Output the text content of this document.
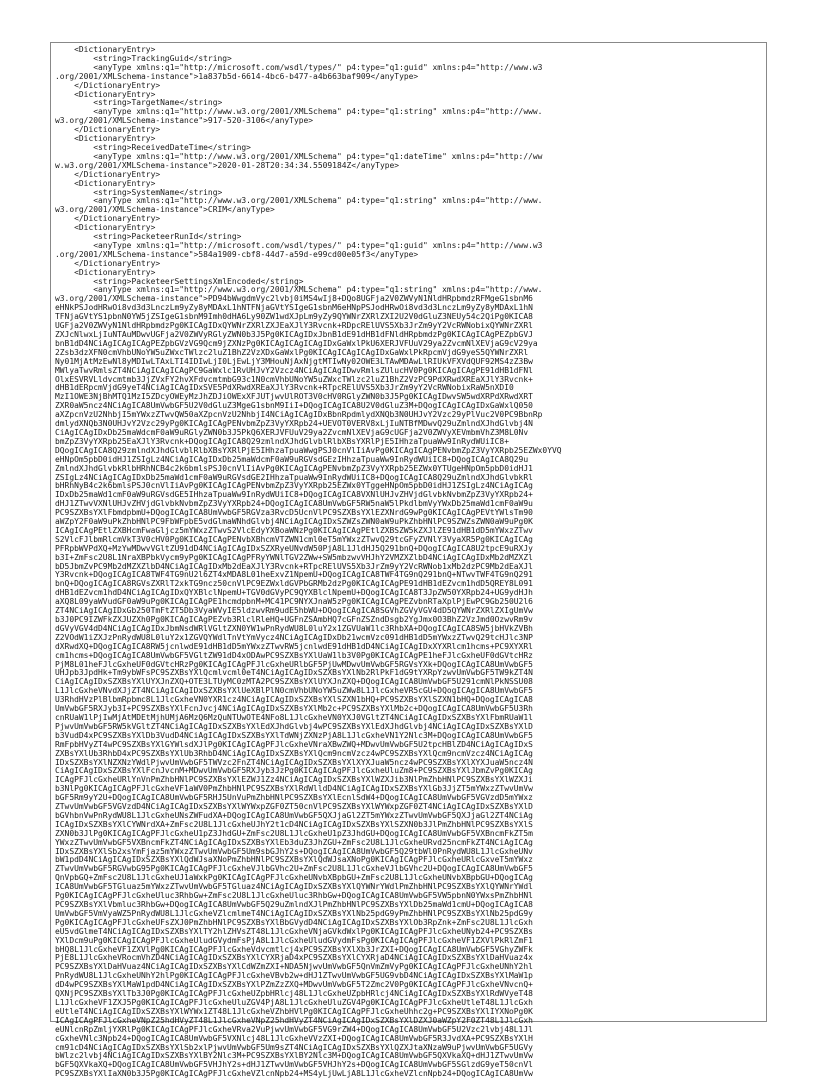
<DictionaryEntry>
<string>TrackingGuid</string>
<anyType xmlns:q1="http://microsoft.com/wsdl/types/" p4:type="q1:guid" xmlns:p4="http://www.w3
.org/2001/XMLSchema-instance">1a837b5d-6614-4bc6-b477-a4b663baf909</anyType>
</DictionaryEntry>
<DictionaryEntry>
<string>TargetName</string>
<anyType xmlns:q1="http://www.w3.org/2001/XMLSchema" p4:type="q1:string" xmlns:p4="http://www.
w3.org/2001/XMLSchema-instance">917-520-3106</anyType>
</DictionaryEntry>
<DictionaryEntry>
<string>ReceivedDateTime</string>
<anyType xmlns:q1="http://www.w3.org/2001/XMLSchema" p4:type="q1:dateTime" xmlns:p4="http://ww
w.w3.org/2001/XMLSchema-instance">2020-01-28T20:34:34.5509184Z</anyType>
</DictionaryEntry>
<DictionaryEntry>
<string>SystemName</string>
<anyType xmlns:q1="http://www.w3.org/2001/XMLSchema" p4:type="q1:string" xmlns:p4="http://www.
w3.org/2001/XMLSchema-instance">CRIM</anyType>
</DictionaryEntry>
<DictionaryEntry>
<string>PacketeerRunId</string>
<anyType xmlns:q1="http://microsoft.com/wsdl/types/" p4:type="q1:guid" xmlns:p4="http://www.w3
.org/2001/XMLSchema-instance">584a1909-cbf8-44d7-a59d-e99cd00e05f3</anyType>
</DictionaryEntry>
<DictionaryEntry>
<string>PacketeerSettingsXmlEncoded</string>
<anyType xmlns:q1="http://www.w3.org/2001/XMLSchema" p4:type="q1:string" xmlns:p4="http://www.
w3.org/2001/XMLSchema-instance">PD94bWwgdmVyc2lvbj0iMS4wIj8+DQo8UGFja2V0ZWVyN1NldHRpbmdzRFMgeG1sbnM6
eHNkPSJodHRwOi8vd3d3LnczLm9yZy8yMDAxL1hNTFNjaGVtYSIgeG1sbnM6eHNpPSJodHRwOi8vd3d3LnczLm9yZy8yMDAxL1hN
TFNjaGVtYS1pbnN0YW5jZSIgeG1sbnM9Imh0dHA6Ly90ZW1wdXJpLm9yZy9QYWNrZXRlZXI2U2V0dGluZ3NEUy54c2QiPg0KICA8
UGFja2V0ZWVyN1NldHRpbmdzPg0KICAgIDxQYWNrZXRlZXJEaXJlY3Rvcnk+RDpcRElUVS5Xb3JrZm9yY2VcRWNobixQYWNrZXRl
ZXJcNlwxLjIuNTAuMDwvUGFja2V0ZWVyRGlyZWN0b3J5Pg0KICAgIDxJbnB1dE91dHB1dFNldHRpbmdzPg0KICAgICAgPEZpbGVJ
bnB1dD4NCiAgICAgICAgPEZpbGVzVG9Qcm9jZXNzPg0KICAgICAgICAgIDxGaWxlPkU6XERJVFUuV29ya2ZvcmNlXEVjaG9cV29ya
2Zsb3dzXFN0cmVhbUNoYW5uZWxcTWlzc2luZ1BhZ2VzXDxGaWxlPg0KICAgICAgICAgIDxGaWxlPkRpcmVjdG9yeS5QYWNrZXRl
Ny01MjAtMzEwNl8yMDIwLTAxLTI4IDIwLjI0LjEwLjY3MHouNjAxNjgtMTIwNy02OWE3LTAwMDAwLlRIUkVFXVdQUF92MS4zZ3Bw
MWlyaTwvRmlsZT4NCiAgICAgICAgPC9GaWxlc1RvUHJvY2Vzcz4NCiAgICAgIDwvRmlsZUlucHV0Pg0KICAgICAgPE91dHB1dFNl
OlxESVRVLldvcmtmb3JjZVxFY2hvXFdvcmtmbG93c1N0cmVhbUNoYW5uZWxcTWlzc2luZ1BhZ2VzPC9PdXRwdXREaXJlY3Rvcnk+
dHB1dERpcmVjdG9yeT4NCiAgICAgIDxSVE5PdXRwdXREaXJlY3Rvcnk+RTpcRElUVS5Xb3JrZm9yY2VcRWNobixRaW5nXDI0
MzI1OWE3NjBhMTQ1MzI5ZDcyOWEyMzJhZDJiOWExXFJUTjwvUlROT3V0cHV0RGlyZWN0b3J5Pg0KICAgIDwvSW5wdXRPdXRwdXRT
ZXR0aW5ncz4NCiAgICA8UmVwbGF5U2V0dGluZ3MgeG1sbnM9IiI+DQogICAgICA8U2V0dGluZ3M+DQogICAgICAgIDxGaWxlQ050
aXZpcnVzU2NhbjI5mYWxzZTwvQW50aXZpcnVzU2NhbjI4NCiAgICAgIDxBbnRpdmlydXNQb3N0UHJvY2Vzc29yPlVuc2V0PC9BbnRp
dmlydXNQb3N0UHJvY2Vzc29yPg0KICAgICAgPENvbmZpZ3VyYXRpb24+UEVOT0VERV8xLjIuNTBfMDwvQ29uZmlndXJhdGlvbj4N
CiAgICAgIDxDb25maWdcmF0aW9uRGlyZWN0b3J5PkQ6XERJVFUuV29ya2ZvcmNlXEVjaG9cUGFja2V0ZWVyXEVmbmVhZ3M8L0Nv
bmZpZ3VyYXRpb25EaXJlY3Rvcnk+DQogICAgICA8Q29zmlndXJhdGlvblRlbXBsYXRlPjE5IHhzaTpuaWw9InRydWUiIC8+
DQogICAgICA8Q29zmlndXJhdGlvblRlbXBsYXRlPjE5IHhzaTpuaWwgPSJ0cnVlIiAvPg0KICAgICAgPENvbmZpZ3VyYXRpb25EZWx0YVQ
eHNpOm5pbD0idHJ1ZSIgLz4NCiAgICAgIDxDb25maWdcmF0aW9uRGVsdGEzIHhzaTpuaWw9InRydWUiIC8+DQogICAgICA8Q29u
ZmlndXJhdGlvbkRlbHRhNCB4c2k6bmlsPSJ0cnVlIiAvPg0KICAgICAgPENvbmZpZ3VyYXRpb25EZWx0YTUgeHNpOm5pbD0idHJ1
ZSIgLz4NCiAgICAgIDxDb25maWd1cmF0aW9uRGVsdGE2IHhzaTpuaWw9InRydWUiIC8+DQogICAgICA8Q29uZmlndXJhdGlvbkRl
bHRhNyB4c2k6bmlsPSJ0cnVlIiAvPg0KICAgICAgPENvbmZpZ3VyYXRpb25EZWx0YTggeHNpOm5pbD0idHJ1ZSIgLz4NCiAgICAg
IDxDb25maWd1cmF0aW9uRGVsdGE5IHhzaTpuaWw9InRydWUiIC8+DQogICAgICA8VXNlUHJvZHVjdGlvbkNvbmZpZ3VyYXRpb24+
dHJ1ZTwvVXNlUHJvZHVjdGlvbkNvbmZpZ3VyYXRpb24+DQogICAgICA8UmVwbGF5RW5naW5lPkdlbmVyYWxDb25maWd1cmF0aW9u
PC9SZXBsYXlFbmdpbmU+DQogICAgICA8UmVwbGF5RGVza3RvcD5UcnVlPC9SZXBsYXlEZXNrdG9wPg0KICAgICAgPEVtYWlsTm90
aWZpY2F0aW9uPkZhbHNlPC9FbWFpbE5vdGlmaWNhdGlvbj4NCiAgICAgIDxSZWZsZWN0aW9uPkZhbHNlPC9SZWZsZWN0aW9uPg0K
ICAgICAgPEtlZXBHcmFwaGljcz5mYWxzZTwvS2VlcEdyYXBoaWNzPg0KICAgICAgPEtlZXBSZW5kZXJlZE91dHB1dD5mYWxzZTwv
S2VlcFJlbmRlcmVkT3V0cHV0Pg0KICAgICAgPENvbXBhcmVTZWN1cml0eT5mYWxzZTwvQ29tcGFyZVNlY3VyaXR5Pg0KICAgICAg
PFRpbWVPdXQ+MzYwMDwvVGltZU91dD4NCiAgICAgIDxSZXRyeUNvdW50PjA8L1JldHJ5Q291bnQ+DQogICAgICA8U2tpcE9uRXJy
b3I+ZmFsc2U8L1NraXBPbkVycm9yPg0KICAgICAgPFRyYWNlTGV2ZWw+SW5mbzwvVHJhY2VMZXZlbD4NCiAgICAgIDxMb2dMZXZl
bD5JbmZvPC9Mb2dMZXZlbD4NCiAgICAgIDxMb2dEaXJlY3Rvcnk+RTpcRElUVS5Xb3JrZm9yY2VcRWNob1xMb2dzPC9Mb2dEaXJl
Y3Rvcnk+DQogICAgICA8TWF4TG9nU2l6ZT4xMDA8L01heExvZ1NpemU+DQogICAgICA8TWF4TG9nQ291bnQ+NTwvTWF4TG9nQ291
bnQ+DQogICAgICA8RGVsZXRlT2xkTG9ncz50cnVlPC9EZWxldGVPbGRMb2dzPg0KICAgICAgPE91dHB1dEZvcm1hdD5QREY8L091
dHB1dEZvcm1hdD4NCiAgICAgIDxQYXBlclNpemU+TGV0dGVyPC9QYXBlclNpemU+DQogICAgICA8T3JpZW50YXRpb24+UG9ydHJh
aXQ8L09yaWVudGF0aW9uPg0KICAgICAgPE1hcmdpbnM+MC41PC9NYXJnaW5zPg0KICAgICAgPEZvbnRTaXplPjEwPC9Gb250U2l6
ZT4NCiAgICAgIDxGb250TmFtZT5Db3VyaWVyIE5ldzwvRm9udE5hbWU+DQogICAgICA8SGVhZGVyVGV4dD5QYWNrZXRlZXIgUmVw
b3J0PC9IZWFkZXJUZXh0Pg0KICAgICAgPEZvb3RlclRleHQ+UGFnZSAmbHQ7cGFnZSZndDsgb2YgJmx0O3BhZ2VzJmd0OzwvRm9v
dGVyVGV4dD4NCiAgICAgIDxJbmNsdWRlVGltZXN0YW1wPnRydWU8L0luY2x1ZGVUaW1lc3RhbXA+DQogICAgICA8SW5jbHVkZVBh
Z2VOdW1iZXJzPnRydWU8L0luY2x1ZGVQYWdlTnVtYmVycz4NCiAgICAgIDxDb21wcmVzc091dHB1dD5mYWxzZTwvQ29tcHJlc3NP
dXRwdXQ+DQogICAgICA8RW5jcnlwdE91dHB1dD5mYWxzZTwvRW5jcnlwdE91dHB1dD4NCiAgICAgIDxXYXRlcm1hcms+PC9XYXRl
cm1hcms+DQogICAgICA8UmVwbGF5VGltZW91dD4xODAwPC9SZXBsYXlUaW1lb3V0Pg0KICAgICAgPE1heFJlcGxheUF0dGVtcHRz
PjM8L01heFJlcGxheUF0dGVtcHRzPg0KICAgICAgPFJlcGxheURlbGF5PjUwMDwvUmVwbGF5RGVsYXk+DQogICAgICA8UmVwbGF5
UHJpb3JpdHk+Tm9ybWFsPC9SZXBsYXlQcmlvcml0eT4NCiAgICAgIDxSZXBsYXlNb2RlPkF1dG9tYXRpYzwvUmVwbGF5TW9kZT4N
CiAgICAgIDxSZXBsYXlUYXJnZXQ+OTE3LTUyMC0zMTA2PC9SZXBsYXlUYXJnZXQ+DQogICAgICA8UmVwbGF5U291cmNlPkNSSU08
L1JlcGxheVNvdXJjZT4NCiAgICAgIDxSZXBsYXlUeXBlPlN0cmVhbUNoYW5uZWw8L1JlcGxheVR5cGU+DQogICAgICA8UmVwbGF5
U3RhdHVzPlBlbmRpbmc8L1JlcGxheVN0YXR1cz4NCiAgICAgIDxSZXBsYXlSZXN1bHQ+PC9SZXBsYXlSZXN1bHQ+DQogICAgICA8
UmVwbGF5RXJyb3I+PC9SZXBsYXlFcnJvcj4NCiAgICAgIDxSZXBsYXlMb2c+PC9SZXBsYXlMb2c+DQogICAgICA8UmVwbGF5U3Rh
cnRUaW1lPjIwMjAtMDEtMjhUMjA6MzQ6MzQuNTUwOTE4NFo8L1JlcGxheVN0YXJ0VGltZT4NCiAgICAgIDxSZXBsYXlFbmRUaW1l
PjwvUmVwbGF5RW5kVGltZT4NCiAgICAgIDxSZXBsYXlEdXJhdGlvbj4wPC9SZXBsYXlEdXJhdGlvbj4NCiAgICAgIDxSZXBsYXlD
b3VudD4xPC9SZXBsYXlDb3VudD4NCiAgICAgIDxSZXBsYXlTdWNjZXNzPjA8L1JlcGxheVN1Y2Nlc3M+DQogICAgICA8UmVwbGF5
RmFpbHVyZT4wPC9SZXBsYXlGYWlsdXJlPg0KICAgICAgPFJlcGxheVNraXBwZWQ+MDwvUmVwbGF5U2tpcHBlZD4NCiAgICAgIDxS
ZXBsYXlUb3RhbD4xPC9SZXBsYXlUb3RhbD4NCiAgICAgIDxSZXBsYXlQcm9ncmVzcz4wPC9SZXBsYXlQcm9ncmVzcz4NCiAgICAg
IDxSZXBsYXlNZXNzYWdlPjwvUmVwbGF5TWVzc2FnZT4NCiAgICAgIDxSZXBsYXlXYXJuaW5ncz4wPC9SZXBsYXlXYXJuaW5ncz4N
CiAgICAgIDxSZXBsYXlFcnJvcnM+MDwvUmVwbGF5RXJyb3JzPg0KICAgICAgPFJlcGxheUluZm8+PC9SZXBsYXlJbmZvPg0KICAg
ICAgPFJlcGxheURlYnVnPmZhbHNlPC9SZXBsYXlEZWJ1Zz4NCiAgICAgIDxSZXBsYXlWZXJib3NlPmZhbHNlPC9SZXBsYXlWZXJi
b3NlPg0KICAgICAgPFJlcGxheVF1aWV0PmZhbHNlPC9SZXBsYXlRdWlldD4NCiAgICAgIDxSZXBsYXlGb3JjZT5mYWxzZTwvUmVw
bGF5Rm9yY2U+DQogICAgICA8UmVwbGF5RHJ5UnVuPmZhbHNlPC9SZXBsYXlEcnlSdW4+DQogICAgICA8UmVwbGF5VGVzdD5mYWxz
ZTwvUmVwbGF5VGVzdD4NCiAgICAgIDxSZXBsYXlWYWxpZGF0ZT50cnVlPC9SZXBsYXlWYWxpZGF0ZT4NCiAgICAgIDxSZXBsYXlD
bGVhbnVwPnRydWU8L1JlcGxheUNsZWFudXA+DQogICAgICA8UmVwbGF5QXJjaGl2ZT5mYWxzZTwvUmVwbGF5QXJjaGl2ZT4NCiAg
ICAgIDxSZXBsYXlCYWNrdXA+ZmFsc2U8L1JlcGxheUJhY2t1cD4NCiAgICAgIDxSZXBsYXlSZXN0b3JlPmZhbHNlPC9SZXBsYXlS
ZXN0b3JlPg0KICAgICAgPFJlcGxheU1pZ3JhdGU+ZmFsc2U8L1JlcGxheU1pZ3JhdGU+DQogICAgICA8UmVwbGF5VXBncmFkZT5m
YWxzZTwvUmVwbGF5VXBncmFkZT4NCiAgICAgIDxSZXBsYXlEb3duZ3JhZGU+ZmFsc2U8L1JlcGxheURvd25ncmFkZT4NCiAgICAg
IDxSZXBsYXlSb2xsYmFjaz5mYWxzZTwvUmVwbGF5Um9sbGJhY2s+DQogICAgICA8UmVwbGF5Q29tbWl0PnRydWU8L1JlcGxheUNv
bW1pdD4NCiAgICAgIDxSZXBsYXlQdWJsaXNoPmZhbHNlPC9SZXBsYXlQdWJsaXNoPg0KICAgICAgPFJlcGxheURlcGxveT5mYWxz
ZTwvUmVwbGF5RGVwbG95Pg0KICAgICAgPFJlcGxheVJlbGVhc2U+ZmFsc2U8L1JlcGxheVJlbGVhc2U+DQogICAgICA8UmVwbGF5
QnVpbGQ+ZmFsc2U8L1JlcGxheUJ1aWxkPg0KICAgICAgPFJlcGxheUNvbXBpbGU+ZmFsc2U8L1JlcGxheUNvbXBpbGU+DQogICAg
ICA8UmVwbGF5TGluaz5mYWxzZTwvUmVwbGF5TGluaz4NCiAgICAgIDxSZXBsYXlQYWNrYWdlPmZhbHNlPC9SZXBsYXlQYWNrYWdl
Pg0KICAgICAgPFJlcGxheUluc3RhbGw+ZmFsc2U8L1JlcGxheUluc3RhbGw+DQogICAgICA8UmVwbGF5VW5pbnN0YWxsPmZhbHNl
PC9SZXBsYXlVbmluc3RhbGw+DQogICAgICA8UmVwbGF5Q29uZmlndXJlPmZhbHNlPC9SZXBsYXlDb25maWd1cmU+DQogICAgICA8
UmVwbGF5VmVyaWZ5PnRydWU8L1JlcGxheVZlcmlmeT4NCiAgICAgIDxSZXBsYXlNb25pdG9yPmZhbHNlPC9SZXBsYXlNb25pdG9y
Pg0KICAgICAgPFJlcGxheUFsZXJ0PmZhbHNlPC9SZXBsYXlBbGVydD4NCiAgICAgIDxSZXBsYXlOb3RpZnk+ZmFsc2U8L1JlcGxh
eU5vdGlmeT4NCiAgICAgIDxSZXBsYXlTY2hlZHVsZT48L1JlcGxheVNjaGVkdWxlPg0KICAgICAgPFJlcGxheUNyb24+PC9SZXBs
YXlDcm9uPg0KICAgICAgPFJlcGxheUludGVydmFsPjA8L1JlcGxheUludGVydmFsPg0KICAgICAgPFJlcGxheVF1ZXVlPkRlZmF1
bHQ8L1JlcGxheVF1ZXVlPg0KICAgICAgPFJlcGxheVdvcmtlcj4xPC9SZXBsYXlXb3JrZXI+DQogICAgICA8UmVwbGF5VGhyZWFk
PjE8L1JlcGxheVRocmVhZD4NCiAgICAgIDxSZXBsYXlCYXRjaD4xPC9SZXBsYXlCYXRjaD4NCiAgICAgIDxSZXBsYXlDaHVuaz4x
PC9SZXBsYXlDaHVuaz4NCiAgICAgIDxSZXBsYXlCdWZmZXI+NDA5NjwvUmVwbGF5QnVmZmVyPg0KICAgICAgPFJlcGxheUNhY2hl
PnRydWU8L1JlcGxheUNhY2hlPg0KICAgICAgPFJlcGxheVBvb2w+dHJ1ZTwvUmVwbGF5UG9vbD4NCiAgICAgIDxSZXBsYXlMaW1p
dD4wPC9SZXBsYXlMaW1pdD4NCiAgICAgIDxSZXBsYXlPZmZzZXQ+MDwvUmVwbGF5T2Zmc2V0Pg0KICAgICAgPFJlcGxheVNvcnQ+
QXNjPC9SZXBsYXlTb3J0Pg0KICAgICAgPFJlcGxheUZpbHRlcj48L1JlcGxheUZpbHRlcj4NCiAgICAgIDxSZXBsYXlRdWVyeT48
L1JlcGxheVF1ZXJ5Pg0KICAgICAgPFJlcGxheUluZGV4PjA8L1JlcGxheUluZGV4Pg0KICAgICAgPFJlcGxheUtleT48L1JlcGxh
eUtleT4NCiAgICAgIDxSZXBsYXlWYWx1ZT48L1JlcGxheVZhbHVlPg0KICAgICAgPFJlcGxheUhhc2g+PC9SZXBsYXlIYXNoPg0K
ICAgICAgPFJlcGxheVNpZ25hdHVyZT48L1JlcGxheVNpZ25hdHVyZT4NCiAgICAgIDxSZXBsYXlDZXJ0aWZpY2F0ZT48L1JlcGxh
eUNlcnRpZmljYXRlPg0KICAgICAgPFJlcGxheVRva2VuPjwvUmVwbGF5VG9rZW4+DQogICAgICA8UmVwbGF5U2Vzc2lvbj48L1Jl
cGxheVNlc3Npb24+DQogICAgICA8UmVwbGF5VXNlcj48L1JlcGxheVVzZXI+DQogICAgICA8UmVwbGF5R3JvdXA+PC9SZXBsYXlH
cm91cD4NCiAgICAgIDxSZXBsYXlSb2xlPjwvUmVwbGF5Um9sZT4NCiAgICAgIDxSZXBsYXlQZXJtaXNzaW9uPjwvUmVwbGF5UGVy
bWlzc2lvbj4NCiAgICAgIDxSZXBsYXlBY2Nlc3M+PC9SZXBsYXlBY2Nlc3M+DQogICAgICA8UmVwbGF5QXVkaXQ+dHJ1ZTwvUmVw
bGF5QXVkaXQ+DQogICAgICA8UmVwbGF5VHJhY2s+dHJ1ZTwvUmVwbGF5VHJhY2s+DQogICAgICA8UmVwbGF5SGlzdG9yeT50cnVl
PC9SZXBsYXlIaXN0b3J5Pg0KICAgICAgPFJlcGxheVZlcnNpb24+MS4yLjUwLjA8L1JlcGxheVZlcnNpb24+DQogICAgICA8UmVw
